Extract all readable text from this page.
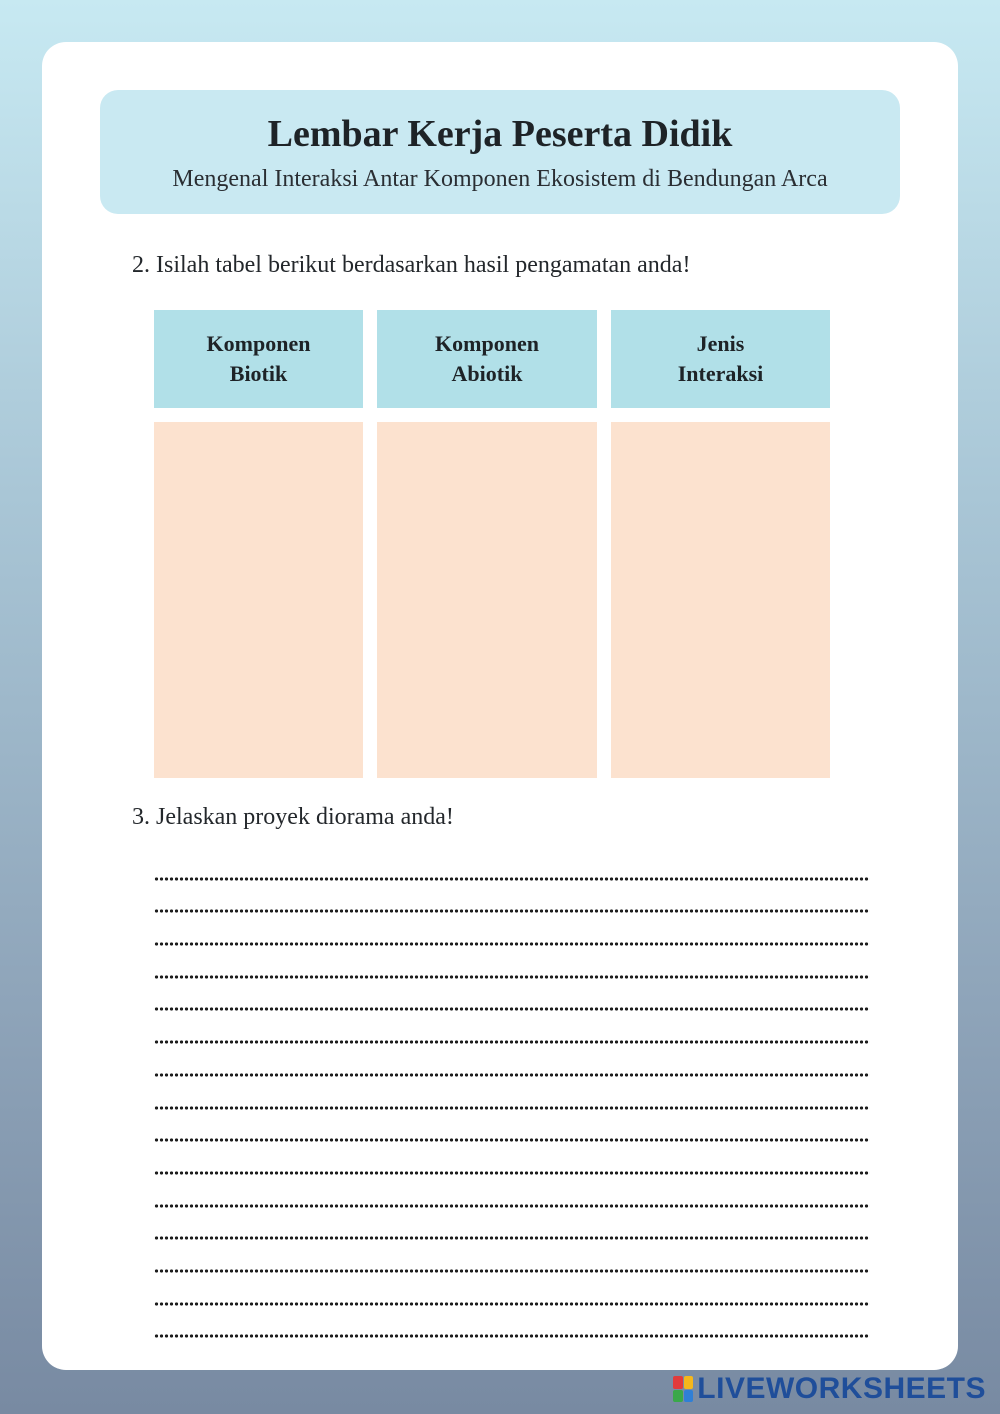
Lembar Kerja Peserta Didik
Mengenal Interaksi Antar Komponen Ekosistem di Bendungan Arca
2. Isilah tabel berikut berdasarkan hasil pengamatan anda!
Komponen
Biotik
Komponen
Abiotik
Jenis
Interaksi
3. Jelaskan proyek diorama anda!
LIVEWORKSHEETS
